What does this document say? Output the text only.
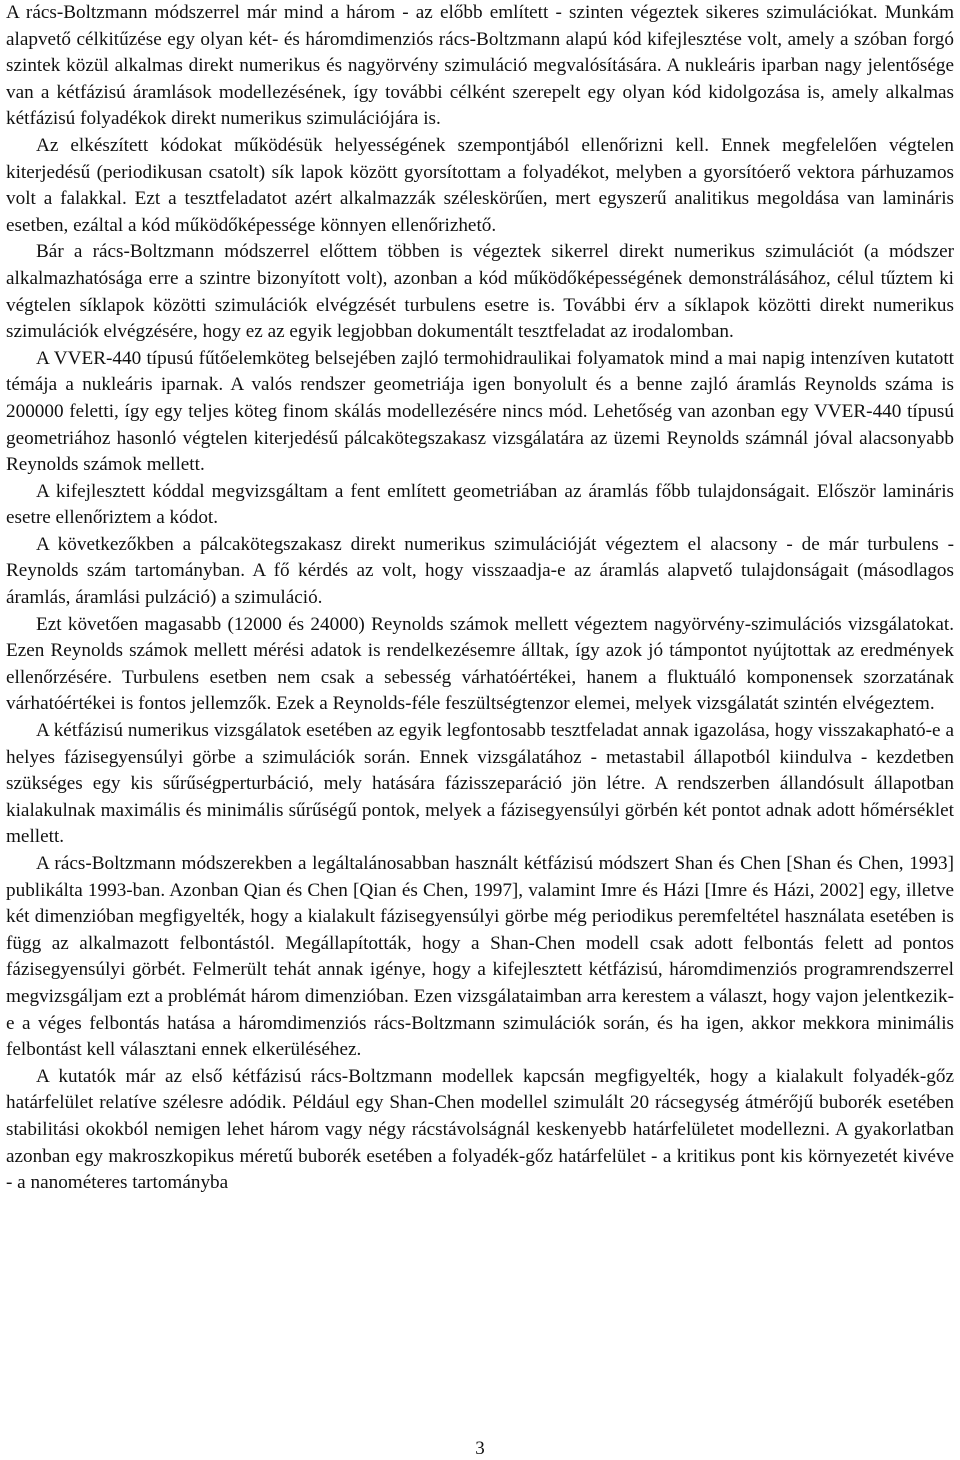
A rács-Boltzmann módszerrel már mind a három - az előbb említett - szinten végeztek sikeres szimulációkat. Munkám alapvető célkitűzése egy olyan két- és háromdimenziós rács-Boltzmann alapú kód kifejlesztése volt, amely a szóban forgó szintek közül alkalmas direkt numerikus és nagyörvény szimuláció megvalósítására. A nukleáris iparban nagy jelentősége van a kétfázisú áramlások modellezésének, így további célként szerepelt egy olyan kód kidolgozása is, amely alkalmas kétfázisú folyadékok direkt numerikus szimulációjára is.

Az elkészített kódokat működésük helyességének szempontjából ellenőrizni kell. Ennek megfelelően végtelen kiterjedésű (periodikusan csatolt) sík lapok között gyorsítottam a folyadékot, melyben a gyorsítóerő vektora párhuzamos volt a falakkal. Ezt a tesztfeladatot azért alkalmazzák széleskörűen, mert egyszerű analitikus megoldása van lamináris esetben, ezáltal a kód működőképessége könnyen ellenőrizhető.

Bár a rács-Boltzmann módszerrel előttem többen is végeztek sikerrel direkt numerikus szimulációt (a módszer alkalmazhatósága erre a szintre bizonyított volt), azonban a kód működőképességének demonstrálásához, célul tűztem ki végtelen síklapok közötti szimulációk elvégzését turbulens esetre is. További érv a síklapok közötti direkt numerikus szimulációk elvégzésére, hogy ez az egyik legjobban dokumentált tesztfeladat az irodalomban.

A VVER-440 típusú fűtőelemköteg belsejében zajló termohidraulikai folyamatok mind a mai napig intenzíven kutatott témája a nukleáris iparnak. A valós rendszer geometriája igen bonyolult és a benne zajló áramlás Reynolds száma is 200000 feletti, így egy teljes köteg finom skálás modellezésére nincs mód. Lehetőség van azonban egy VVER-440 típusú geometriához hasonló végtelen kiterjedésű pálcakötegszakasz vizsgálatára az üzemi Reynolds számnál jóval alacsonyabb Reynolds számok mellett.

A kifejlesztett kóddal megvizsgáltam a fent említett geometriában az áramlás főbb tulajdonságait. Először lamináris esetre ellenőriztem a kódot.

A következőkben a pálcakötegszakasz direkt numerikus szimulációját végeztem el alacsony - de már turbulens - Reynolds szám tartományban. A fő kérdés az volt, hogy visszaadja-e az áramlás alapvető tulajdonságait (másodlagos áramlás, áramlási pulzáció) a szimuláció.

Ezt követően magasabb (12000 és 24000) Reynolds számok mellett végeztem nagyörvény-szimulációs vizsgálatokat. Ezen Reynolds számok mellett mérési adatok is rendelkezésemre álltak, így azok jó támpontot nyújtottak az eredmények ellenőrzésére. Turbulens esetben nem csak a sebesség várhatóértékei, hanem a fluktuáló komponensek szorzatának várhatóértékei is fontos jellemzők. Ezek a Reynolds-féle feszültségtenzor elemei, melyek vizsgálatát szintén elvégeztem.

A kétfázisú numerikus vizsgálatok esetében az egyik legfontosabb tesztfeladat annak igazolása, hogy visszakapható-e a helyes fázisegyensúlyi görbe a szimulációk során. Ennek vizsgálatához - metastabil állapotból kiindulva - kezdetben szükséges egy kis sűrűségperturbáció, mely hatására fázisszeparáció jön létre. A rendszerben állandósult állapotban kialakulnak maximális és minimális sűrűségű pontok, melyek a fázisegyensúlyi görbén két pontot adnak adott hőmérséklet mellett.

A rács-Boltzmann módszerekben a legáltalánosabban használt kétfázisú módszert Shan és Chen [Shan és Chen, 1993] publikálta 1993-ban. Azonban Qian és Chen [Qian és Chen, 1997], valamint Imre és Házi [Imre és Házi, 2002] egy, illetve két dimenzióban megfigyelték, hogy a kialakult fázisegyensúlyi görbe még periodikus peremfeltétel használata esetében is függ az alkalmazott felbontástól. Megállapították, hogy a Shan-Chen modell csak adott felbontás felett ad pontos fázisegyensúlyi görbét. Felmerült tehát annak igénye, hogy a kifejlesztett kétfázisú, háromdimenziós programrendszerrel megvizsgáljam ezt a problémát három dimenzióban. Ezen vizsgálataimban arra kerestem a választ, hogy vajon jelentkezik-e a véges felbontás hatása a háromdimenziós rács-Boltzmann szimulációk során, és ha igen, akkor mekkora minimális felbontást kell választani ennek elkerüléséhez.

A kutatók már az első kétfázisú rács-Boltzmann modellek kapcsán megfigyelték, hogy a kialakult folyadék-gőz határfelület relatíve szélesre adódik. Például egy Shan-Chen modellel szimulált 20 rácsegység átmérőjű buborék esetében stabilitási okokból nemigen lehet három vagy négy rácstávolságnál keskenyebb határfelületet modellezni. A gyakorlatban azonban egy makroszkopikus méretű buborék esetében a folyadék-gőz határfelület - a kritikus pont kis környezetét kivéve - a nanométeres tartományba

3
